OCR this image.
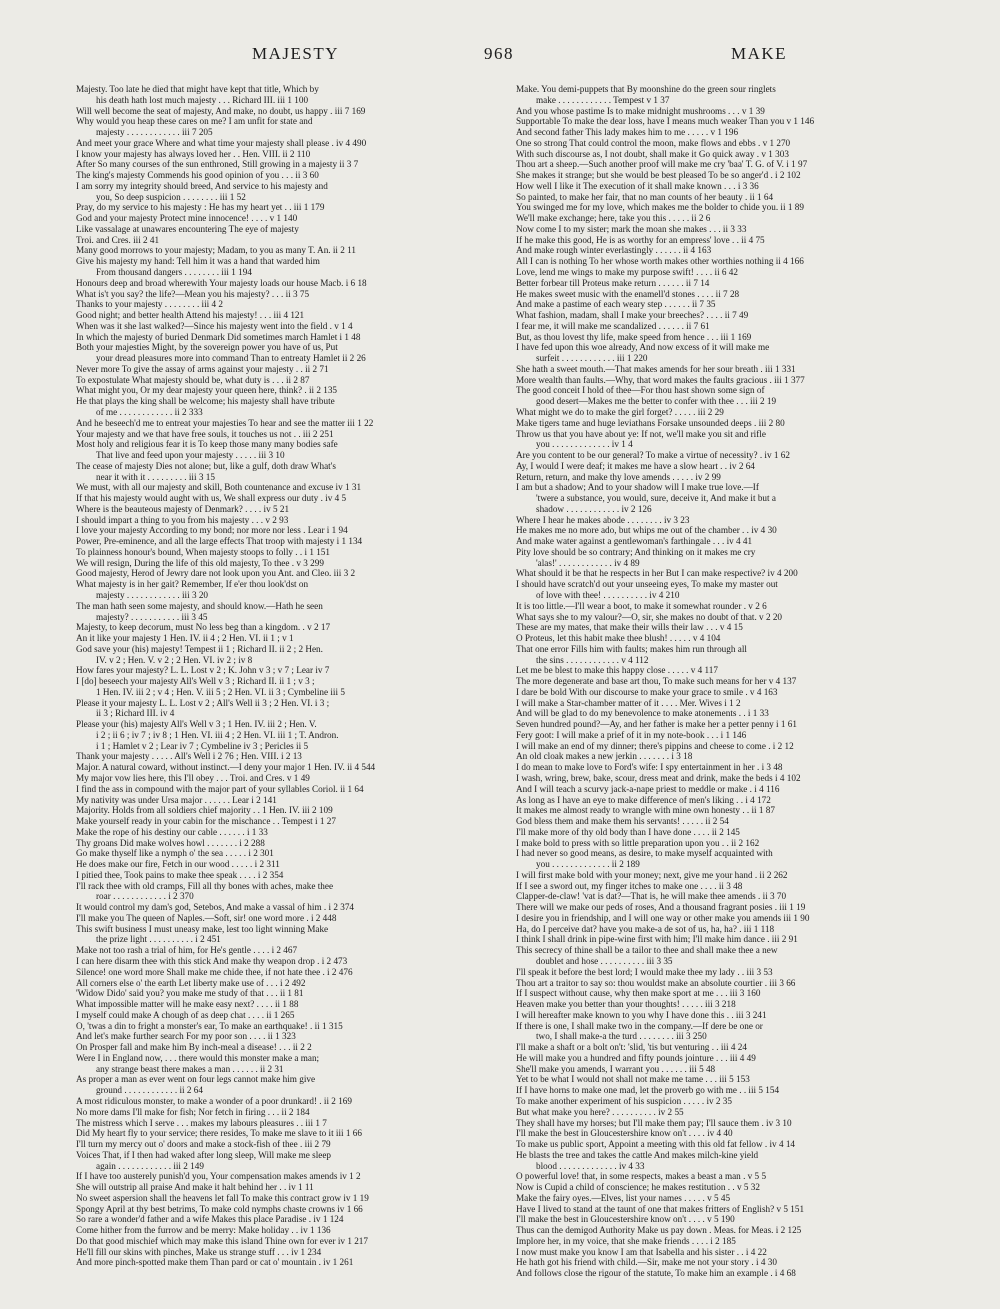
MAJESTY	968	MAKE
Majesty. Too late he died that might have kept that title, Which by
his death hath lost much majesty . . . Richard III. iii 1 100
Will well become the seat of majesty, And make, no doubt, us happy . iii 7 169
Why would you heap these cares on me? I am unfit for state and
majesty . . . . . . . . . . . . iii 7 205
And meet your grace Where and what time your majesty shall please . iv 4 490
I know your majesty has always loved her . . Hen. VIII. ii 2 110
After So many courses of the sun enthroned, Still growing in a majesty ii 3 7
The king's majesty Commends his good opinion of you . . . ii 3 60
I am sorry my integrity should breed, And service to his majesty and
you, So deep suspicion . . . . . . . . iii 1 52
Pray, do my service to his majesty : He has my heart yet . . iii 1 179
God and your majesty Protect mine innocence! . . . . v 1 140
Like vassalage at unawares encountering The eye of majesty
Troi. and Cres. iii 2 41
Many good morrows to your majesty; Madam, to you as many T. An. ii 2 11
Give his majesty my hand: Tell him it was a hand that warded him
From thousand dangers . . . . . . . . iii 1 194
Honours deep and broad wherewith Your majesty loads our house Macb. i 6 18
What is't you say? the life?—Mean you his majesty? . . . ii 3 75
Thanks to your majesty . . . . . . . . iii 4 2
Good night; and better health Attend his majesty! . . . iii 4 121
When was it she last walked?—Since his majesty went into the field . v 1 4
In which the majesty of buried Denmark Did sometimes march Hamlet i 1 48
Both your majesties Might, by the sovereign power you have of us, Put
your dread pleasures more into command Than to entreaty Hamlet ii 2 26
Never more To give the assay of arms against your majesty . . ii 2 71
To expostulate What majesty should be, what duty is . . . ii 2 87
What might you, Or my dear majesty your queen here, think? . ii 2 135
He that plays the king shall be welcome; his majesty shall have tribute
of me . . . . . . . . . . . . ii 2 333
And he beseech'd me to entreat your majesties To hear and see the matter iii 1 22
Your majesty and we that have free souls, it touches us not . . iii 2 251
Most holy and religious fear it is To keep those many many bodies safe
That live and feed upon your majesty . . . . . iii 3 10
The cease of majesty Dies not alone; but, like a gulf, doth draw What's
near it with it . . . . . . . . . iii 3 15
We must, with all our majesty and skill, Both countenance and excuse iv 1 31
If that his majesty would aught with us, We shall express our duty . iv 4 5
Where is the beauteous majesty of Denmark? . . . . iv 5 21
I should impart a thing to you from his majesty . . . v 2 93
I love your majesty According to my bond; nor more nor less . Lear i 1 94
Power, Pre-eminence, and all the large effects That troop with majesty i 1 134
To plainness honour's bound, When majesty stoops to folly . . i 1 151
We will resign, During the life of this old majesty, To thee . v 3 299
Good majesty, Herod of Jewry dare not look upon you Ant. and Cleo. iii 3 2
What majesty is in her gait? Remember, If e'er thou look'dst on
majesty . . . . . . . . . . . . iii 3 20
The man hath seen some majesty, and should know.—Hath he seen
majesty? . . . . . . . . . . . iii 3 45
Majesty, to keep decorum, must No less beg than a kingdom. . v 2 17
An it like your majesty 1 Hen. IV. ii 4 ; 2 Hen. VI. ii 1 ; v 1
God save your (his) majesty! Tempest ii 1 ; Richard II. ii 2 ; 2 Hen.
IV. v 2 ; Hen. V. v 2 ; 2 Hen. VI. iv 2 ; iv 8
How fares your majesty? L. L. Lost v 2 ; K. John v 3 ; v 7 ; Lear iv 7
I [do] beseech your majesty All's Well v 3 ; Richard II. ii 1 ; v 3 ;
1 Hen. IV. iii 2 ; v 4 ; Hen. V. iii 5 ; 2 Hen. VI. ii 3 ; Cymbeline iii 5
Please it your majesty L. L. Lost v 2 ; All's Well ii 3 ; 2 Hen. VI. i 3 ;
ii 3 ; Richard III. iv 4
Please your (his) majesty All's Well v 3 ; 1 Hen. IV. iii 2 ; Hen. V.
i 2 ; ii 6 ; iv 7 ; iv 8 ; 1 Hen. VI. iii 4 ; 2 Hen. VI. iii 1 ; T. Andron.
i 1 ; Hamlet v 2 ; Lear iv 7 ; Cymbeline iv 3 ; Pericles ii 5
Thank your majesty . . . . . All's Well i 2 76 ; Hen. VIII. i 2 13
Major. A natural coward, without instinct.—I deny your major 1 Hen. IV. ii 4 544
My major vow lies here, this I'll obey . . . Troi. and Cres. v 1 49
I find the ass in compound with the major part of your syllables Coriol. ii 1 64
My nativity was under Ursa major . . . . . . Lear i 2 141
Majority. Holds from all soldiers chief majority . . 1 Hen. IV. iii 2 109
Make yourself ready in your cabin for the mischance . . Tempest i 1 27
Make the rope of his destiny our cable . . . . . . i 1 33
Thy groans Did make wolves howl . . . . . . . i 2 288
Go make thyself like a nymph o' the sea . . . . . i 2 301
He does make our fire, Fetch in our wood . . . . . i 2 311
I pitied thee, Took pains to make thee speak . . . . i 2 354
I'll rack thee with old cramps, Fill all thy bones with aches, make thee
roar . . . . . . . . . . . . i 2 370
It would control my dam's god, Setebos, And make a vassal of him . i 2 374
I'll make you The queen of Naples.—Soft, sir! one word more . i 2 448
This swift business I must uneasy make, lest too light winning Make
the prize light . . . . . . . . . . i 2 451
Make not too rash a trial of him, for He's gentle . . . . i 2 467
I can here disarm thee with this stick And make thy weapon drop . i 2 473
Silence! one word more Shall make me chide thee, if not hate thee . i 2 476
All corners else o' the earth Let liberty make use of . . . i 2 492
'Widow Dido' said you? you make me study of that . . . ii 1 81
What impossible matter will he make easy next? . . . . ii 1 88
I myself could make A chough of as deep chat . . . . ii 1 265
O, 'twas a din to fright a monster's ear, To make an earthquake! . ii 1 315
And let's make further search For my poor son . . . . ii 1 323
On Prosper fall and make him By inch-meal a disease! . . . ii 2 2
Were I in England now, . . . there would this monster make a man;
any strange beast there makes a man . . . . . . ii 2 31
As proper a man as ever went on four legs cannot make him give
ground . . . . . . . . . . . . ii 2 64
A most ridiculous monster, to make a wonder of a poor drunkard! . ii 2 169
No more dams I'll make for fish; Nor fetch in firing . . . ii 2 184
The mistress which I serve . . . makes my labours pleasures . . iii 1 7
Did My heart fly to your service; there resides, To make me slave to it iii 1 66
I'll turn my mercy out o' doors and make a stock-fish of thee . iii 2 79
Voices That, if I then had waked after long sleep, Will make me sleep
again . . . . . . . . . . . . iii 2 149
If I have too austerely punish'd you, Your compensation makes amends iv 1 2
She will outstrip all praise And make it halt behind her . . iv 1 11
No sweet aspersion shall the heavens let fall To make this contract grow iv 1 19
Spongy April at thy best betrims, To make cold nymphs chaste crowns iv 1 66
So rare a wonder'd father and a wife Makes this place Paradise . iv 1 124
Come hither from the furrow and be merry: Make holiday . . iv 1 136
Do that good mischief which may make this island Thine own for ever iv 1 217
He'll fill our skins with pinches, Make us strange stuff . . . iv 1 234
And more pinch-spotted make them Than pard or cat o' mountain . iv 1 261
Make. You demi-puppets that By moonshine do the green sour ringlets
make . . . . . . . . . . . . Tempest v 1 37
And you whose pastime Is to make midnight mushrooms . . . v 1 39
Supportable To make the dear loss, have I means much weaker Than you v 1 146
And second father This lady makes him to me . . . . . v 1 196
One so strong That could control the moon, make flows and ebbs . v 1 270
With such discourse as, I not doubt, shall make it Go quick away . v 1 303
Thou art a sheep.—Such another proof will make me cry 'baa' T. G. of V. i 1 97
She makes it strange; but she would be best pleased To be so anger'd . i 2 102
How well I like it The execution of it shall make known . . . i 3 36
So painted, to make her fair, that no man counts of her beauty . ii 1 64
You swinged me for my love, which makes me the bolder to chide you. ii 1 89
We'll make exchange; here, take you this . . . . . ii 2 6
Now come I to my sister; mark the moan she makes . . . ii 3 33
If he make this good, He is as worthy for an empress' love . . ii 4 75
And make rough winter everlastingly . . . . . . ii 4 163
All I can is nothing To her whose worth makes other worthies nothing ii 4 166
Love, lend me wings to make my purpose swift! . . . . ii 6 42
Better forbear till Proteus make return . . . . . . ii 7 14
He makes sweet music with the enamell'd stones . . . . ii 7 28
And make a pastime of each weary step . . . . . . ii 7 35
What fashion, madam, shall I make your breeches? . . . . ii 7 49
I fear me, it will make me scandalized . . . . . . ii 7 61
But, as thou lovest thy life, make speed from hence . . . iii 1 169
I have fed upon this woe already, And now excess of it will make me
surfeit . . . . . . . . . . . . iii 1 220
She hath a sweet mouth.—That makes amends for her sour breath . iii 1 331
More wealth than faults.—Why, that word makes the faults gracious . iii 1 377
The good conceit I hold of thee—For thou hast shown some sign of
good desert—Makes me the better to confer with thee . . . iii 2 19
What might we do to make the girl forget? . . . . . iii 2 29
Make tigers tame and huge leviathans Forsake unsounded deeps . iii 2 80
Throw us that you have about ye: If not, we'll make you sit and rifle
you . . . . . . . . . . . . . iv 1 4
Are you content to be our general? To make a virtue of necessity? . iv 1 62
Ay, I would I were deaf; it makes me have a slow heart . . iv 2 64
Return, return, and make thy love amends . . . . . iv 2 99
I am but a shadow; And to your shadow will I make true love.—If
'twere a substance, you would, sure, deceive it, And make it but a
shadow . . . . . . . . . . . . iv 2 126
Where I hear he makes abode . . . . . . . . iv 3 23
He makes me no more ado, but whips me out of the chamber . . iv 4 30
And make water against a gentlewoman's farthingale . . . iv 4 41
Pity love should be so contrary; And thinking on it makes me cry
'alas!' . . . . . . . . . . . . iv 4 89
What should it be that he respects in her But I can make respective? iv 4 200
I should have scratch'd out your unseeing eyes, To make my master out
of love with thee! . . . . . . . . . . iv 4 210
It is too little.—I'll wear a boot, to make it somewhat rounder . v 2 6
What says she to my valour?—O, sir, she makes no doubt of that. v 2 20
These are my mates, that make their wills their law . . . v 4 15
O Proteus, let this habit make thee blush! . . . . . v 4 104
That one error Fills him with faults; makes him run through all
the sins . . . . . . . . . . . . v 4 112
Let me be blest to make this happy close . . . . . v 4 117
The more degenerate and base art thou, To make such means for her v 4 137
I dare be bold With our discourse to make your grace to smile . v 4 163
I will make a Star-chamber matter of it . . . . Mer. Wives i 1 2
And will be glad to do my benevolence to make atonements . . i 1 33
Seven hundred pound?—Ay, and her father is make her a petter penny i 1 61
Fery goot: I will make a prief of it in my note-book . . . i 1 146
I will make an end of my dinner; there's pippins and cheese to come . i 2 12
An old cloak makes a new jerkin . . . . . . . i 3 18
I do mean to make love to Ford's wife: I spy entertainment in her . i 3 48
I wash, wring, brew, bake, scour, dress meat and drink, make the beds i 4 102
And I will teach a scurvy jack-a-nape priest to meddle or make . i 4 116
As long as I have an eye to make difference of men's liking . . i 4 172
It makes me almost ready to wrangle with mine own honesty . . ii 1 87
God bless them and make them his servants! . . . . . ii 2 54
I'll make more of thy old body than I have done . . . . ii 2 145
I make bold to press with so little preparation upon you . . ii 2 162
I had never so good means, as desire, to make myself acquainted with
you . . . . . . . . . . . . . ii 2 189
I will first make bold with your money; next, give me your hand . ii 2 262
If I see a sword out, my finger itches to make one . . . . ii 3 48
Clapper-de-claw! 'vat is dat?—That is, he will make thee amends . ii 3 70
There will we make our peds of roses, And a thousand fragrant posies . iii 1 19
I desire you in friendship, and I will one way or other make you amends iii 1 90
Ha, do I perceive dat? have you make-a de sot of us, ha, ha? . iii 1 118
I think I shall drink in pipe-wine first with him; I'll make him dance . iii 2 91
This secrecy of thine shall be a tailor to thee and shall make thee a new
doublet and hose . . . . . . . . . . iii 3 35
I'll speak it before the best lord; I would make thee my lady . . iii 3 53
Thou art a traitor to say so: thou wouldst make an absolute courtier . iii 3 66
If I suspect without cause, why then make sport at me . . . iii 3 160
Heaven make you better than your thoughts! . . . . . iii 3 218
I will hereafter make known to you why I have done this . . iii 3 241
If there is one, I shall make two in the company.—If dere be one or
two, I shall make-a the turd . . . . . . . . iii 3 250
I'll make a shaft or a bolt on't: 'slid, 'tis but venturing . . iii 4 24
He will make you a hundred and fifty pounds jointure . . . iii 4 49
She'll make you amends, I warrant you . . . . . . iii 5 48
Yet to be what I would not shall not make me tame . . . iii 5 153
If I have horns to make one mad, let the proverb go with me . . iii 5 154
To make another experiment of his suspicion . . . . . iv 2 35
But what make you here? . . . . . . . . . . iv 2 55
They shall have my horses; but I'll make them pay; I'll sauce them . iv 3 10
I'll make the best in Gloucestershire know on't . . . . iv 4 40
To make us public sport, Appoint a meeting with this old fat fellow . iv 4 14
He blasts the tree and takes the cattle And makes milch-kine yield
blood . . . . . . . . . . . . . iv 4 33
O powerful love! that, in some respects, makes a beast a man . v 5 5
Now is Cupid a child of conscience; he makes restitution . . v 5 32
Make the fairy oyes.—Elves, list your names . . . . . v 5 45
Have I lived to stand at the taunt of one that makes fritters of English? v 5 151
I'll make the best in Gloucestershire know on't . . . . v 5 190
Thus can the demigod Authority Make us pay down . Meas. for Meas. i 2 125
Implore her, in my voice, that she make friends . . . . i 2 185
I now must make you know I am that Isabella and his sister . . i 4 22
He hath got his friend with child.—Sir, make me not your story . i 4 30
And follows close the rigour of the statute, To make him an example . i 4 68
